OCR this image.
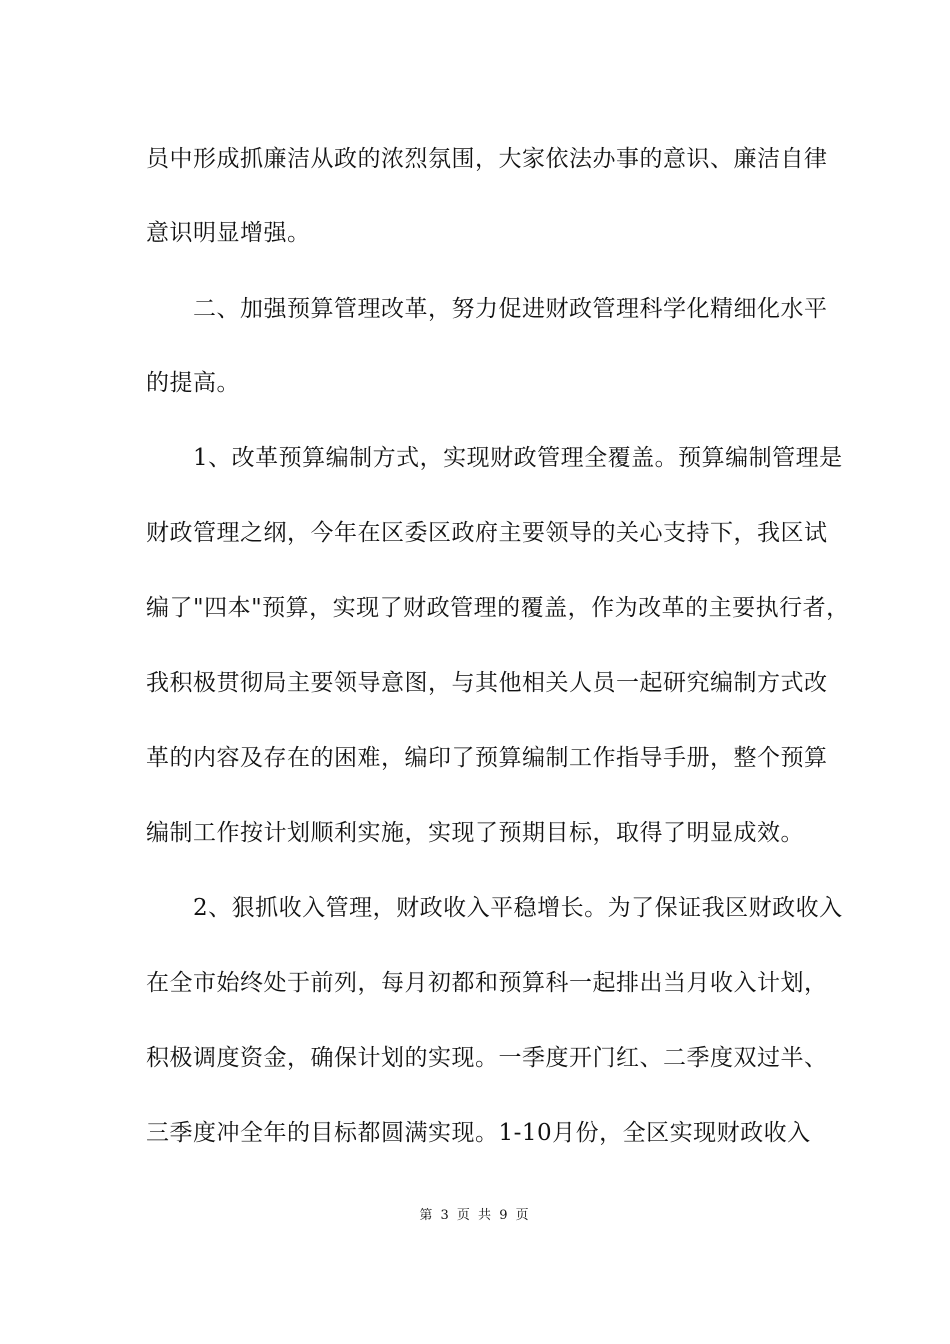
员中形成抓廉洁从政的浓烈氛围，大家依法办事的意识、廉洁自律
意识明显增强。
　　二、加强预算管理改革，努力促进财政管理科学化精细化水平
的提高。
　　1、改革预算编制方式，实现财政管理全覆盖。预算编制管理是
财政管理之纲，今年在区委区政府主要领导的关心支持下，我区试
编了"四本"预算，实现了财政管理的覆盖，作为改革的主要执行者，
我积极贯彻局主要领导意图，与其他相关人员一起研究编制方式改
革的内容及存在的困难，编印了预算编制工作指导手册，整个预算
编制工作按计划顺利实施，实现了预期目标，取得了明显成效。
　　2、狠抓收入管理，财政收入平稳增长。为了保证我区财政收入
在全市始终处于前列，每月初都和预算科一起排出当月收入计划，
积极调度资金，确保计划的实现。一季度开门红、二季度双过半、
三季度冲全年的目标都圆满实现。1-10月份，全区实现财政收入
第 3 页 共 9 页
